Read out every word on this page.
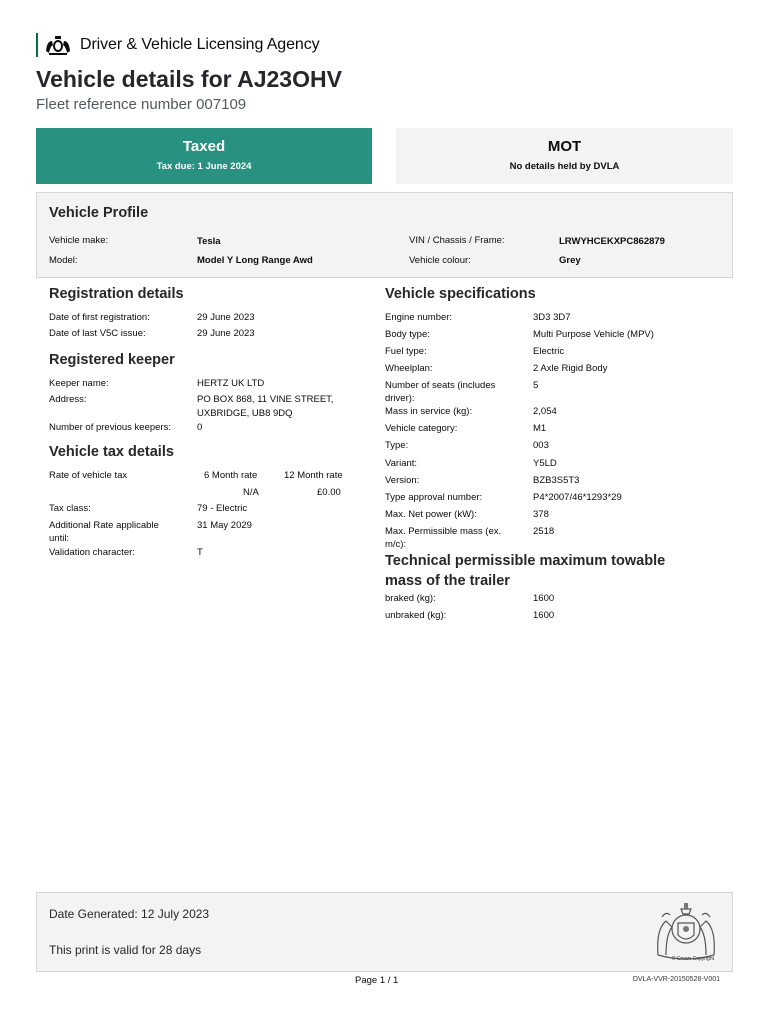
Driver & Vehicle Licensing Agency
Vehicle details for AJ23OHV
Fleet reference number 007109
Taxed
Tax due: 1 June 2024
MOT
No details held by DVLA
Vehicle Profile
Vehicle make:	Tesla
Model:	Model Y Long Range Awd
VIN / Chassis / Frame:	LRWYHCEKXPC862879
Vehicle colour:	Grey
Registration details
Date of first registration:	29 June 2023
Date of last V5C issue:	29 June 2023
Registered keeper
Keeper name:	HERTZ UK LTD
Address:	PO BOX 868, 11 VINE STREET,
UXBRIDGE, UB8 9DQ
Number of previous keepers:	0
Vehicle tax details
Rate of vehicle tax	6 Month rate	12 Month rate
N/A	£0.00
Tax class:	79 - Electric
Additional Rate applicable
until:
31 May 2029
Validation character:	T
Vehicle specifications
Engine number:	3D3 3D7
Body type:	Multi Purpose Vehicle (MPV)
Fuel type:	Electric
Wheelplan:	2 Axle Rigid Body
Number of seats (includes
driver):
5
Mass in service (kg):	2,054
Vehicle category:	M1
Type:	003
Variant:	Y5LD
Version:	BZB3S5T3
Type approval number:	P4*2007/46*1293*29
Max. Net power (kW):	378
Max. Permissible mass (ex.
m/c):
2518
Technical permissible maximum towable
mass of the trailer
braked (kg):	1600
unbraked (kg):	1600
Date Generated: 12 July 2023
This print is valid for 28 days
© Crown Copyright
Page 1 / 1	DVLA-VVR-20150528-V001
